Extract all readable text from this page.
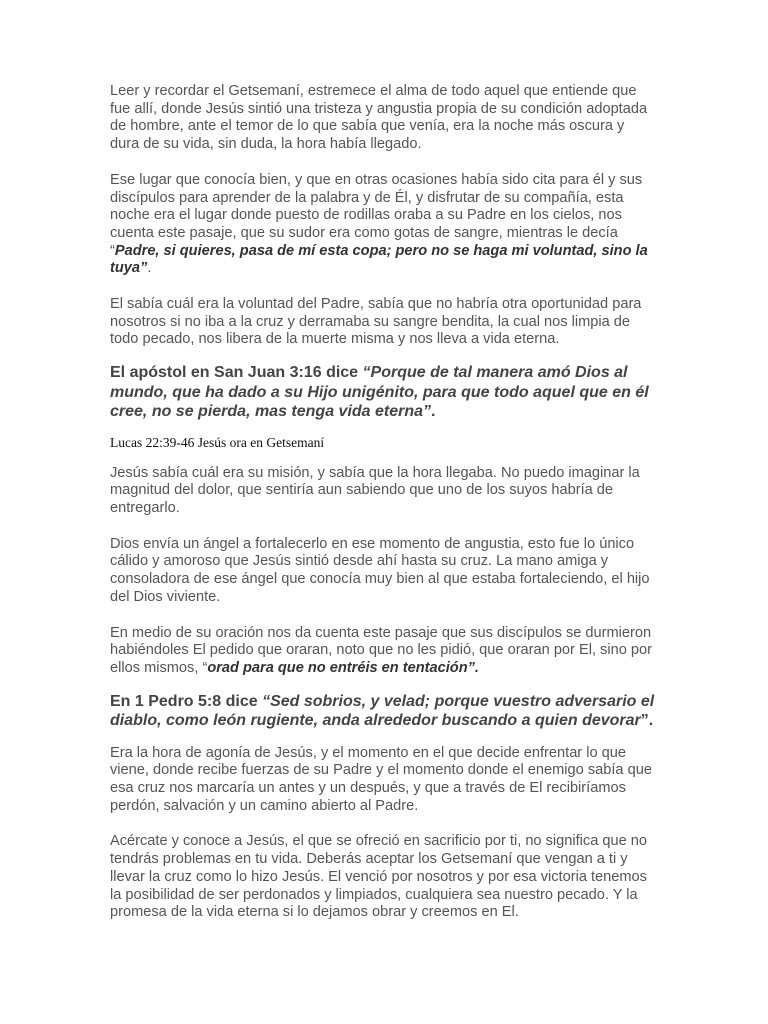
Leer y recordar el Getsemaní, estremece el alma de todo aquel que entiende que fue allí, donde Jesús sintió una tristeza y angustia propia de su condición adoptada de hombre, ante el temor de lo que sabía que venía, era la noche más oscura y dura de su vida, sin duda, la hora había llegado.

Ese lugar que conocía bien, y que en otras ocasiones había sido cita para él y sus discípulos para aprender de la palabra y de Él, y disfrutar de su compañía, esta noche era el lugar donde puesto de rodillas oraba a su Padre en los cielos, nos cuenta este pasaje, que su sudor era como gotas de sangre, mientras le decía “Padre, si quieres, pasa de mí esta copa; pero no se haga mi voluntad, sino la tuya”.

El sabía cuál era la voluntad del Padre, sabía que no habría otra oportunidad para nosotros si no iba a la cruz y derramaba su sangre bendita, la cual nos limpia de todo pecado, nos libera de la muerte misma y nos lleva a vida eterna.

El apóstol en San Juan 3:16 dice “Porque de tal manera amó Dios al mundo, que ha dado a su Hijo unigénito, para que todo aquel que en él cree, no se pierda, mas tenga vida eterna”.

Lucas 22:39-46 Jesús ora en Getsemaní

Jesús sabía cuál era su misión, y sabía que la hora llegaba. No puedo imaginar la magnitud del dolor, que sentiría aun sabiendo que uno de los suyos habría de entregarlo.

Dios envía un ángel a fortalecerlo en ese momento de angustia, esto fue lo único cálido y amoroso que Jesús sintió desde ahí hasta su cruz. La mano amiga y consoladora de ese ángel que conocía muy bien al que estaba fortaleciendo, el hijo del Dios viviente.

En medio de su oración nos da cuenta este pasaje que sus discípulos se durmieron habiéndoles El pedido que oraran, noto que no les pidió, que oraran por El, sino por ellos mismos, “orad para que no entréis en tentación”.

En 1 Pedro 5:8 dice “Sed sobrios, y velad; porque vuestro adversario el diablo, como león rugiente, anda alrededor buscando a quien devorar”.

Era la hora de agonía de Jesús, y el momento en el que decide enfrentar lo que viene, donde recibe fuerzas de su Padre y el momento donde el enemigo sabía que esa cruz nos marcaría un antes y un después, y que a través de El recibiríamos perdón, salvación y un camino abierto al Padre.

Acércate y conoce a Jesús, el que se ofreció en sacrificio por ti, no significa que no tendrás problemas en tu vida. Deberás aceptar los Getsemaní que vengan a ti y llevar la cruz como lo hizo Jesús. El venció por nosotros y por esa victoria tenemos la posibilidad de ser perdonados y limpiados, cualquiera sea nuestro pecado. Y la promesa de la vida eterna si lo dejamos obrar y creemos en El.
